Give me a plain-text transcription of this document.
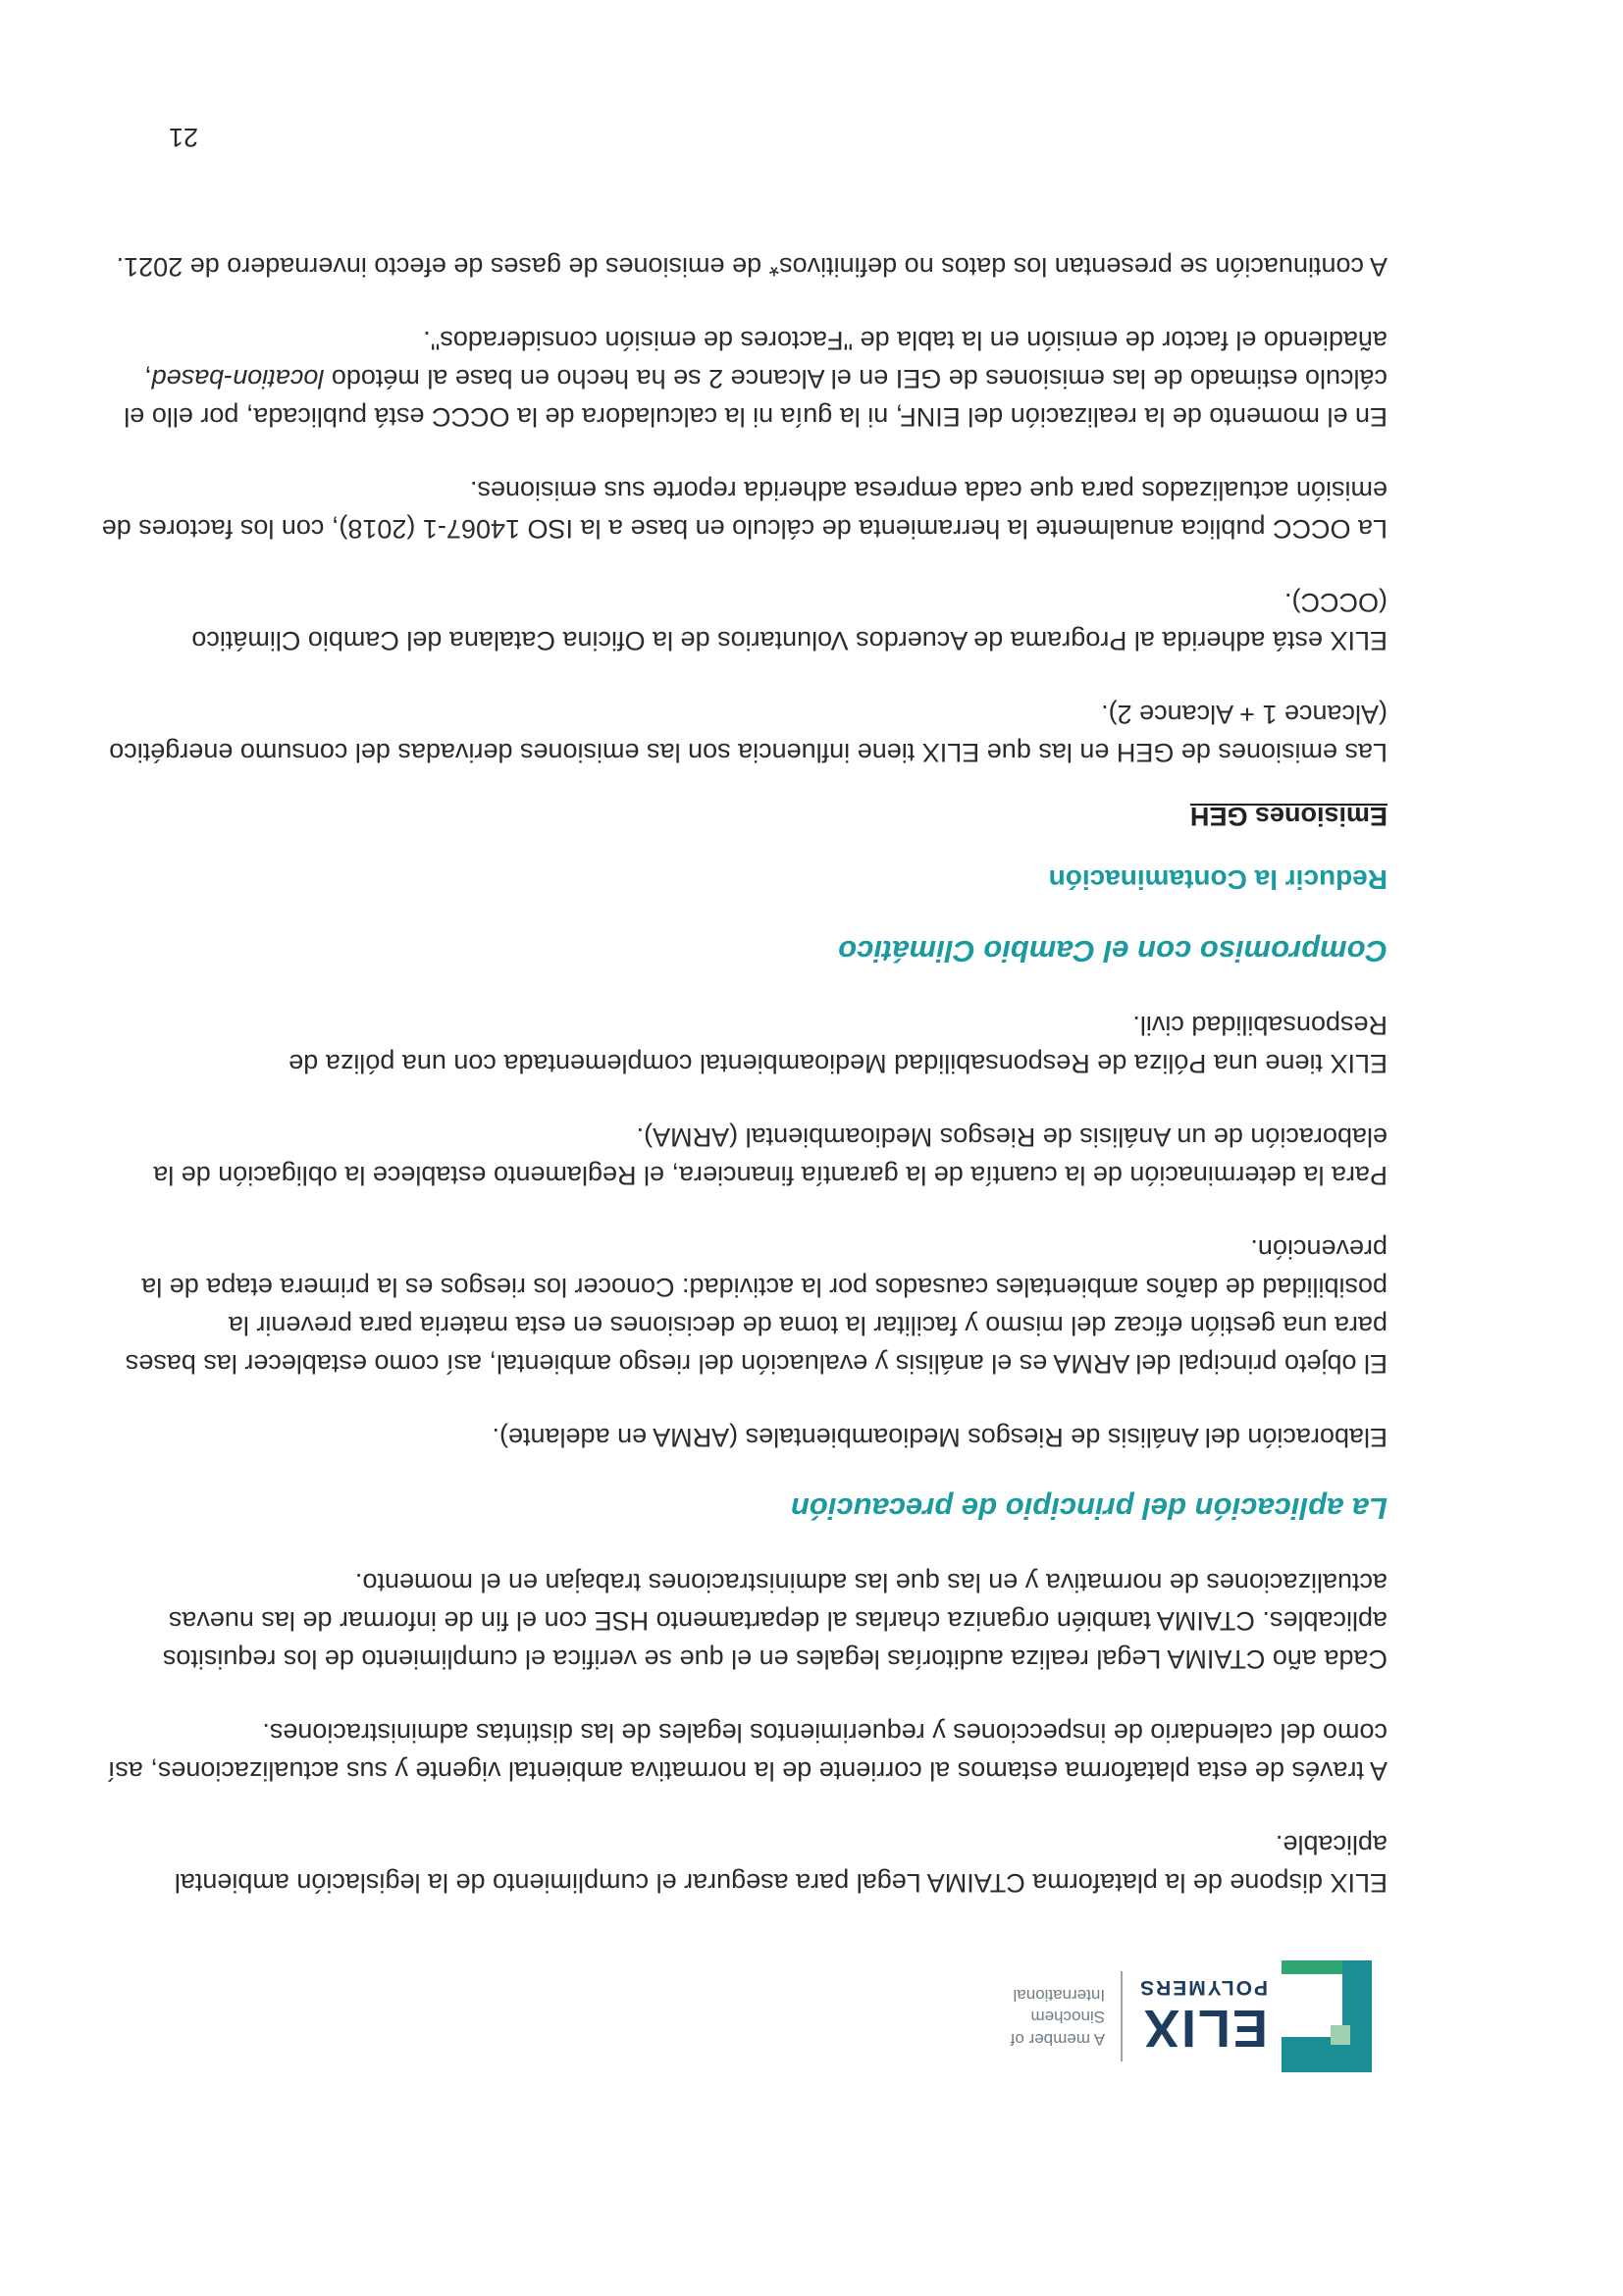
ELIX
POLYMERS
A member of
Sinochem
International

ELIX dispone de la plataforma CTAIMA Legal para asegurar el cumplimiento de la legislación ambiental aplicable.

A través de esta plataforma estamos al corriente de la normativa ambiental vigente y sus actualizaciones, así como del calendario de inspecciones y requerimientos legales de las distintas administraciones.

Cada año CTAIMA Legal realiza auditorías legales en el que se verifica el cumplimiento de los requisitos aplicables. CTAIMA también organiza charlas al departamento HSE con el fin de informar de las nuevas actualizaciones de normativa y en las que las administraciones trabajan en el momento.

La aplicación del principio de precaución

Elaboración del Análisis de Riesgos Medioambientales (ARMA en adelante).

El objeto principal del ARMA es el análisis y evaluación del riesgo ambiental, así como establecer las bases para una gestión eficaz del mismo y facilitar la toma de decisiones en esta materia para prevenir la posibilidad de daños ambientales causados por la actividad: Conocer los riesgos es la primera etapa de la prevención.

Para la determinación de la cuantía de la garantía financiera, el Reglamento establece la obligación de la elaboración de un Análisis de Riesgos Medioambiental (ARMA).

ELIX tiene una Póliza de Responsabilidad Medioambiental complementada con una póliza de Responsabilidad civil.

Compromiso con el Cambio Climático
Reducir la Contaminación
Emisiones GEH

Las emisiones de GEH en las que ELIX tiene influencia son las emisiones derivadas del consumo energético (Alcance 1 + Alcance 2).

ELIX está adherida al Programa de Acuerdos Voluntarios de la Oficina Catalana del Cambio Climático (OCCC).

La OCCC publica anualmente la herramienta de cálculo en base a la ISO 14067-1 (2018), con los factores de emisión actualizados para que cada empresa adherida reporte sus emisiones.

En el momento de la realización del EINF, ni la guía ni la calculadora de la OCCC está publicada, por ello el cálculo estimado de las emisiones de GEI en el Alcance 2 se ha hecho en base al método location-based, añadiendo el factor de emisión en la tabla de "Factores de emisión considerados".

A continuación se presentan los datos no definitivos* de emisiones de gases de efecto invernadero de 2021.

21
